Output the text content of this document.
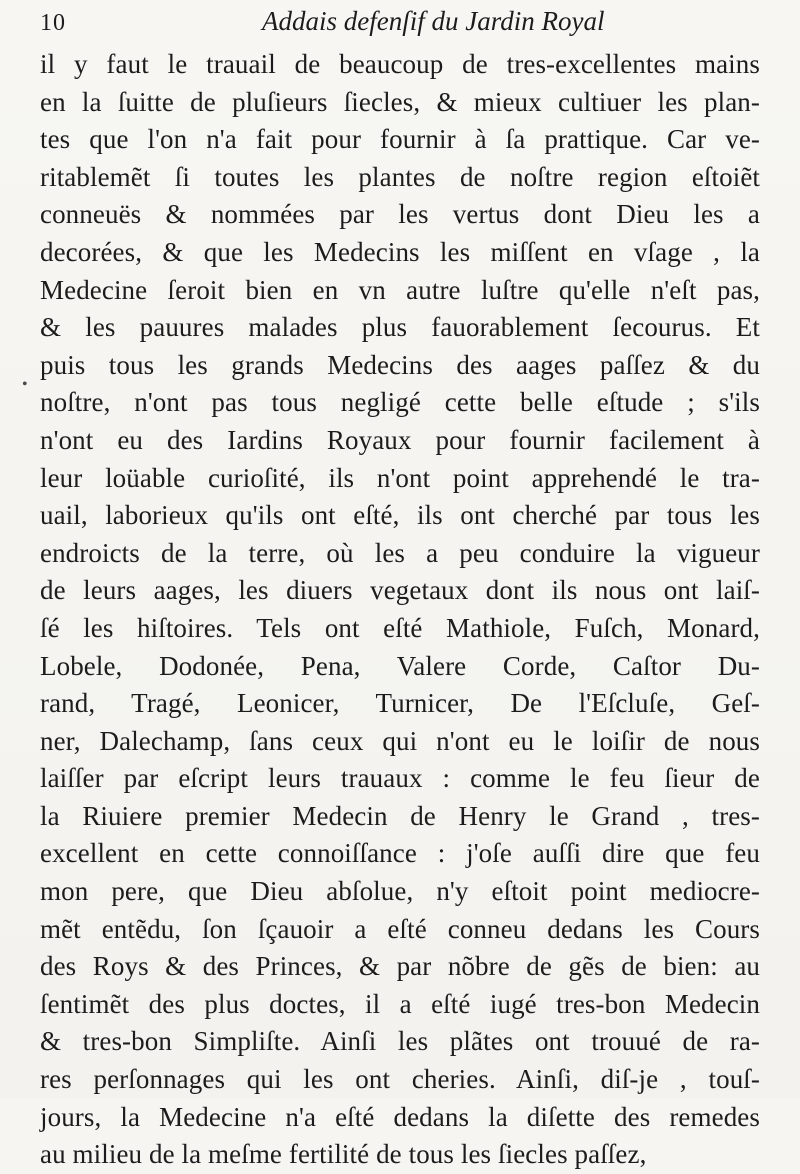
10	Addais defenſif du Jardin Royal
•
il y faut le trauail de beaucoup de tres-excellentes mains
en la ſuitte de pluſieurs ſiecles, & mieux cultiuer les plan-
tes que l'on n'a fait pour fournir à ſa prattique. Car ve-
ritablemẽt ſi toutes les plantes de noſtre region eſtoiẽt
conneuës & nommées par les vertus dont Dieu les a
decorées, & que les Medecins les miſſent en vſage , la
Medecine ſeroit bien en vn autre luſtre qu'elle n'eſt pas,
& les pauures malades plus fauorablement ſecourus. Et
puis tous les grands Medecins des aages paſſez & du
noſtre, n'ont pas tous negligé cette belle eſtude ; s'ils
n'ont eu des Iardins Royaux pour fournir facilement à
leur loüable curioſité, ils n'ont point apprehendé le tra-
uail, laborieux qu'ils ont eſté, ils ont cherché par tous les
endroicts de la terre, où les a peu conduire la vigueur
de leurs aages, les diuers vegetaux dont ils nous ont laiſ-
ſé les hiſtoires. Tels ont eſté Mathiole, Fuſch, Monard,
Lobele, Dodonée, Pena, Valere Corde, Caſtor Du-
rand, Tragé, Leonicer, Turnicer, De l'Eſcluſe, Geſ-
ner, Dalechamp, ſans ceux qui n'ont eu le loiſir de nous
laiſſer par eſcript leurs trauaux : comme le feu ſieur de
la Riuiere premier Medecin de Henry le Grand , tres-
excellent en cette connoiſſance : j'oſe auſſi dire que feu
mon pere, que Dieu abſolue, n'y eſtoit point mediocre-
mẽt entẽdu, ſon ſçauoir a eſté conneu dedans les Cours
des Roys & des Princes, & par nõbre de gẽs de bien: au
ſentimẽt des plus doctes, il a eſté iugé tres-bon Medecin
& tres-bon Simpliſte. Ainſi les plãtes ont trouué de ra-
res perſonnages qui les ont cheries. Ainſi, diſ-je , touſ-
jours, la Medecine n'a eſté dedans la diſette des remedes
au milieu de la meſme fertilité de tous les ſiecles paſſez,
